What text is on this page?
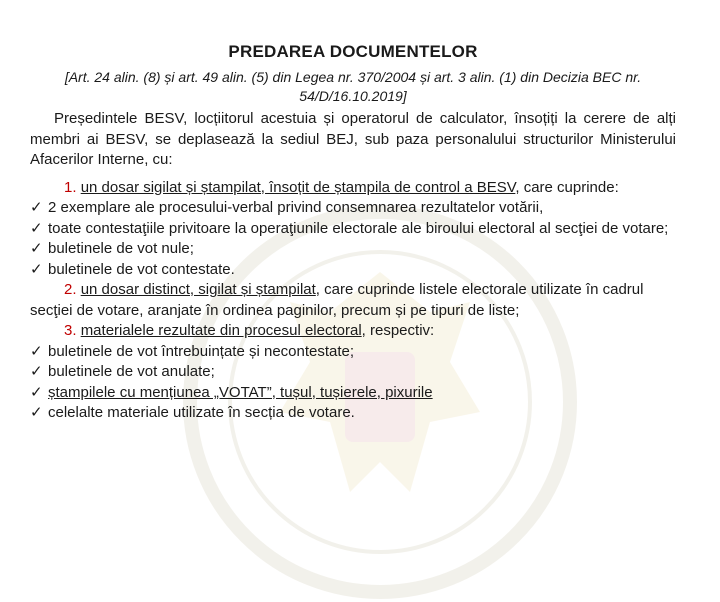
PREDAREA DOCUMENTELOR
[Art. 24 alin. (8) și art. 49 alin. (5) din Legea nr. 370/2004 și art. 3 alin. (1) din Decizia BEC nr. 54/D/16.10.2019]
Președintele BESV, locțiitorul acestuia și operatorul de calculator, însoțiți la cerere de alți membri ai BESV, se deplasează la sediul BEJ, sub paza personalului structurilor Ministerului Afacerilor Interne, cu:

1. un dosar sigilat și ștampilat, însoțit de ștampila de control a BESV, care cuprinde:

✓ 2 exemplare ale procesului-verbal privind consemnarea rezultatelor votării,

✓ toate contestaţiile privitoare la operaţiunile electorale ale biroului electoral al secţiei de votare;

✓ buletinele de vot nule;

✓ buletinele de vot contestate.

2. un dosar distinct, sigilat și ștampilat, care cuprinde listele electorale utilizate în cadrul secţiei de votare, aranjate în ordinea paginilor, precum și pe tipuri de liste;

3. materialele rezultate din procesul electoral, respectiv:

✓ buletinele de vot întrebuințate și necontestate;

✓ buletinele de vot anulate;

✓ ștampilele cu mențiunea „VOTAT”, tușul, tușierele, pixurile

✓ celelalte materiale utilizate în secția de votare.
